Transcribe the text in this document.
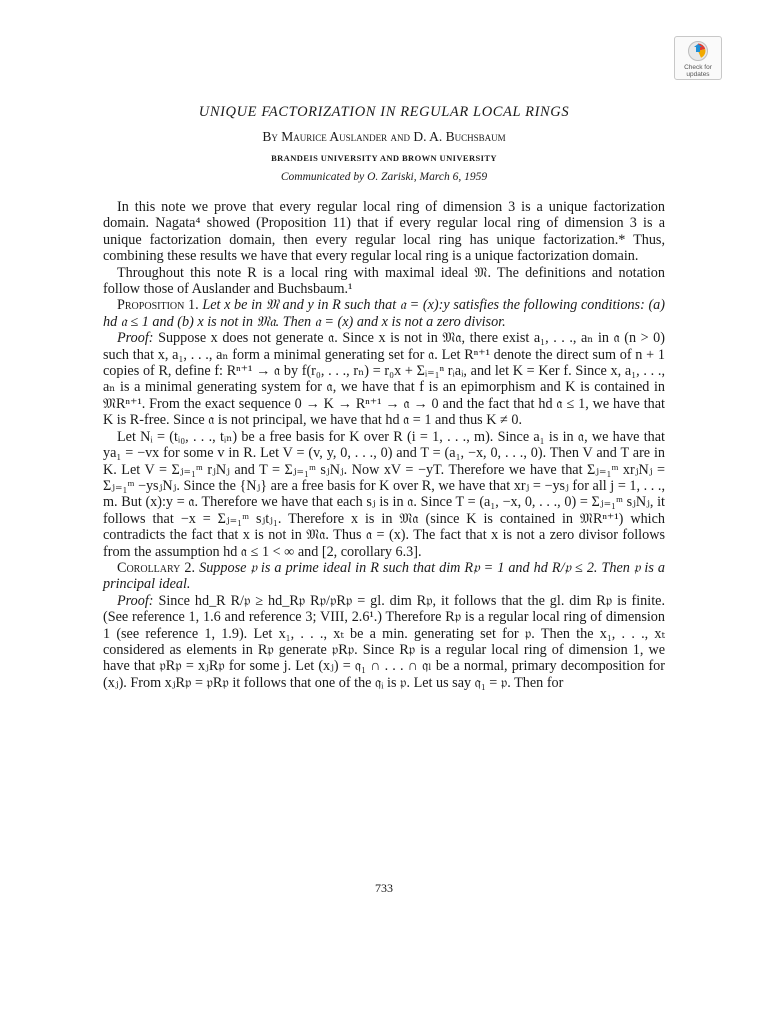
Check for
updates
UNIQUE FACTORIZATION IN REGULAR LOCAL RINGS
By Maurice Auslander and D. A. Buchsbaum
BRANDEIS UNIVERSITY AND BROWN UNIVERSITY
Communicated by O. Zariski, March 6, 1959

In this note we prove that every regular local ring of dimension 3 is a unique factorization domain. Nagata⁴ showed (Proposition 11) that if every regular local ring of dimension 3 is a unique factorization domain, then every regular local ring has unique factorization.* Thus, combining these results we have that every regular local ring is a unique factorization domain.

Throughout this note R is a local ring with maximal ideal 𝔐. The definitions and notation follow those of Auslander and Buchsbaum.¹

Proposition 1. Let x be in 𝔐 and y in R such that 𝔞 = (x):y satisfies the following conditions: (a) hd 𝔞 ≤ 1 and (b) x is not in 𝔐𝔞. Then 𝔞 = (x) and x is not a zero divisor.

Proof: Suppose x does not generate 𝔞. Since x is not in 𝔐𝔞, there exist a₁, . . ., aₙ in 𝔞 (n > 0) such that x, a₁, . . ., aₙ form a minimal generating set for 𝔞. Let Rⁿ⁺¹ denote the direct sum of n + 1 copies of R, define f: Rⁿ⁺¹ → 𝔞 by f(r₀, . . ., rₙ) = r₀x + Σᵢ₌₁ⁿ rᵢaᵢ, and let K = Ker f. Since x, a₁, . . ., aₙ is a minimal generating system for 𝔞, we have that f is an epimorphism and K is contained in 𝔐Rⁿ⁺¹. From the exact sequence 0 → K → Rⁿ⁺¹ → 𝔞 → 0 and the fact that hd 𝔞 ≤ 1, we have that K is R-free. Since 𝔞 is not principal, we have that hd 𝔞 = 1 and thus K ≠ 0.

Let Nᵢ = (tᵢ₀, . . ., tᵢₙ) be a free basis for K over R (i = 1, . . ., m). Since a₁ is in 𝔞, we have that ya₁ = −vx for some v in R. Let V = (v, y, 0, . . ., 0) and T = (a₁, −x, 0, . . ., 0). Then V and T are in K. Let V = Σⱼ₌₁ᵐ rⱼNⱼ and T = Σⱼ₌₁ᵐ sⱼNⱼ. Now xV = −yT. Therefore we have that Σⱼ₌₁ᵐ xrⱼNⱼ = Σⱼ₌₁ᵐ −ysⱼNⱼ. Since the {Nⱼ} are a free basis for K over R, we have that xrⱼ = −ysⱼ for all j = 1, . . ., m. But (x):y = 𝔞. Therefore we have that each sⱼ is in 𝔞. Since T = (a₁, −x, 0, . . ., 0) = Σⱼ₌₁ᵐ sⱼNⱼ, it follows that −x = Σⱼ₌₁ᵐ sⱼtⱼ₁. Therefore x is in 𝔐𝔞 (since K is contained in 𝔐Rⁿ⁺¹) which contradicts the fact that x is not in 𝔐𝔞. Thus 𝔞 = (x). The fact that x is not a zero divisor follows from the assumption hd 𝔞 ≤ 1 < ∞ and [2, corollary 6.3].

Corollary 2. Suppose 𝔭 is a prime ideal in R such that dim R𝔭 = 1 and hd R/𝔭 ≤ 2. Then 𝔭 is a principal ideal.

Proof: Since hd_R R/𝔭 ≥ hd_R𝔭 R𝔭/𝔭R𝔭 = gl. dim R𝔭, it follows that the gl. dim R𝔭 is finite. (See reference 1, 1.6 and reference 3; VIII, 2.6¹.) Therefore R𝔭 is a regular local ring of dimension 1 (see reference 1, 1.9). Let x₁, . . ., xₜ be a min. generating set for 𝔭. Then the x₁, . . ., xₜ considered as elements in R𝔭 generate 𝔭R𝔭. Since R𝔭 is a regular local ring of dimension 1, we have that 𝔭R𝔭 = xⱼR𝔭 for some j. Let (xⱼ) = 𝔮₁ ∩ . . . ∩ 𝔮ₗ be a normal, primary decomposition for (xⱼ). From xⱼR𝔭 = 𝔭R𝔭 it follows that one of the 𝔮ᵢ is 𝔭. Let us say 𝔮₁ = 𝔭. Then for

733
